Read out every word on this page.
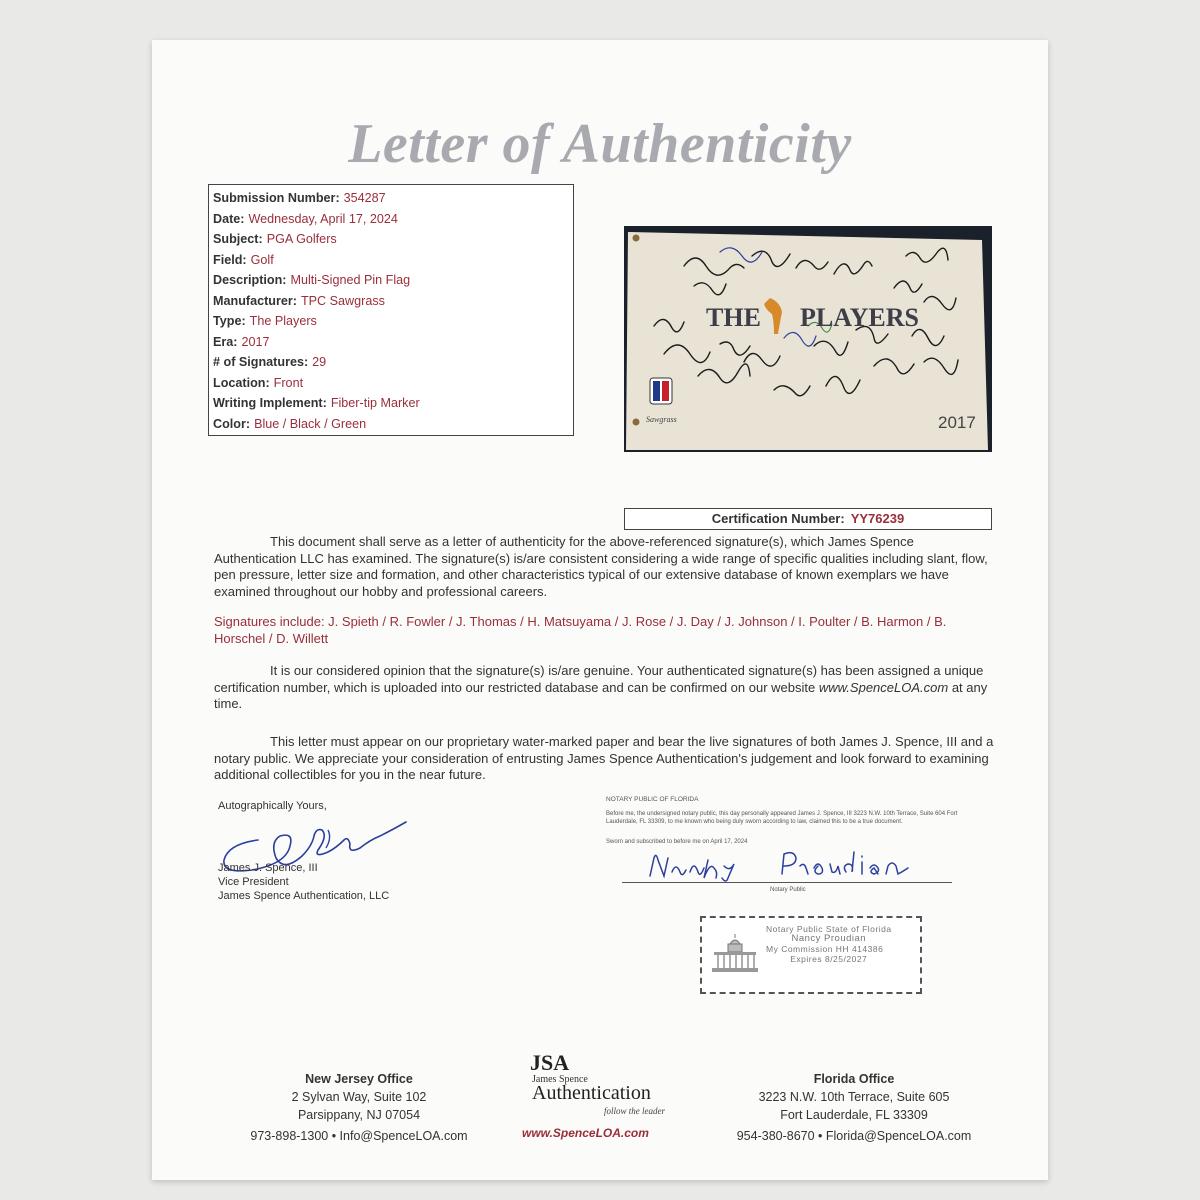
Letter of Authenticity
Submission Number: 354287
Date: Wednesday, April 17, 2024
Subject: PGA Golfers
Field: Golf
Description: Multi-Signed Pin Flag
Manufacturer: TPC Sawgrass
Type: The Players
Era: 2017
# of Signatures: 29
Location: Front
Writing Implement: Fiber-tip Marker
Color: Blue / Black / Green
THE PLAYERS
Sawgrass	2017
Certification Number: YY76239
This document shall serve as a letter of authenticity for the above-referenced signature(s), which James Spence Authentication LLC has examined. The signature(s) is/are consistent considering a wide range of specific qualities including slant, flow, pen pressure, letter size and formation, and other characteristics typical of our extensive database of known exemplars we have examined throughout our hobby and professional careers.
Signatures include: J. Spieth / R. Fowler / J. Thomas / H. Matsuyama / J. Rose / J. Day / J. Johnson / I. Poulter / B. Harmon / B. Horschel / D. Willett
It is our considered opinion that the signature(s) is/are genuine. Your authenticated signature(s) has been assigned a unique certification number, which is uploaded into our restricted database and can be confirmed on our website www.SpenceLOA.com at any time.
This letter must appear on our proprietary water-marked paper and bear the live signatures of both James J. Spence, III and a notary public. We appreciate your consideration of entrusting James Spence Authentication's judgement and look forward to examining additional collectibles for you in the near future.
Autographically Yours,
James J. Spence, III
Vice President
James Spence Authentication, LLC
NOTARY PUBLIC OF FLORIDA
Before me, the undersigned notary public, this day personally appeared James J. Spence, III 3223 N.W. 10th Terrace, Suite 604 Fort Lauderdale, FL 33309, to me known who being duly sworn according to law, claimed this to be a true document.
Sworn and subscribed to before me on April 17, 2024
Notary Public
Notary Public State of Florida
Nancy Proudian
My Commission HH 414386
Expires 8/25/2027
New Jersey Office
2 Sylvan Way, Suite 102
Parsippany, NJ 07054
973-898-1300 • Info@SpenceLOA.com
JSA
James Spence
Authentication
follow the leader
www.SpenceLOA.com
Florida Office
3223 N.W. 10th Terrace, Suite 605
Fort Lauderdale, FL 33309
954-380-8670 • Florida@SpenceLOA.com
